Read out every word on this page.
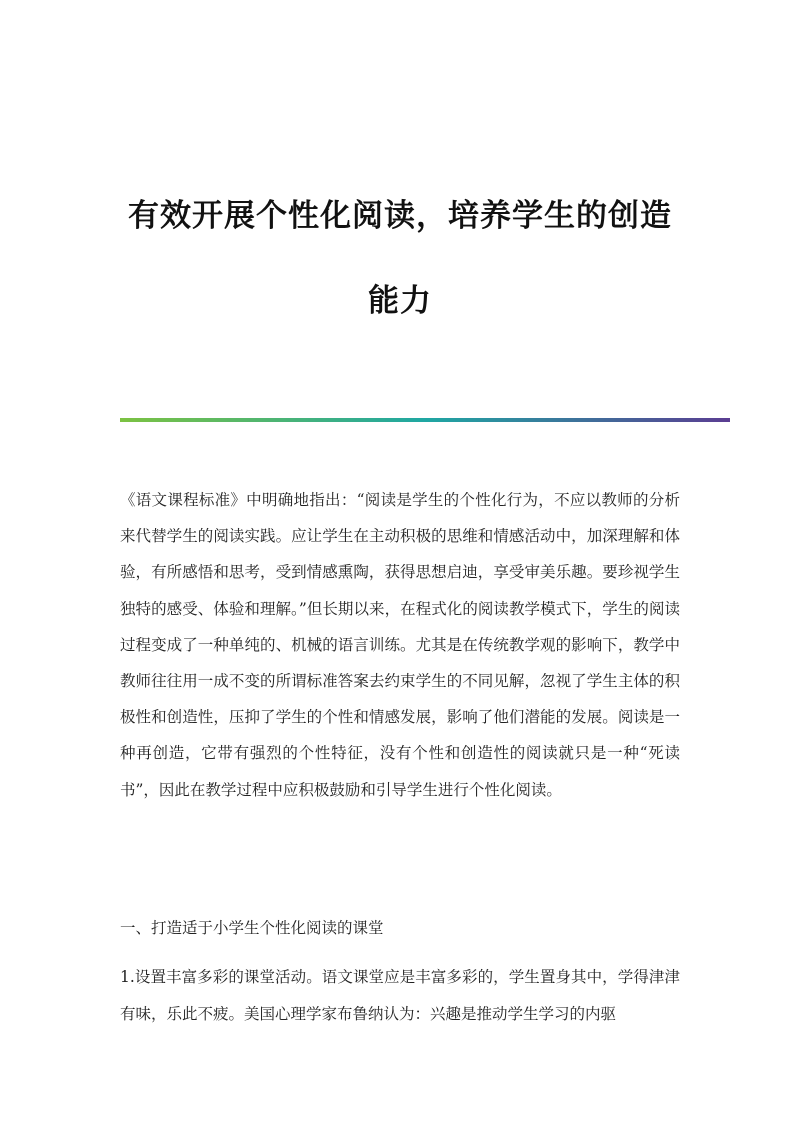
有效开展个性化阅读，培养学生的创造
能力

《语文课程标准》中明确地指出：“阅读是学生的个性化行为，不应以教师的分析来代替学生的阅读实践。应让学生在主动积极的思维和情感活动中，加深理解和体验，有所感悟和思考，受到情感熏陶，获得思想启迪，享受审美乐趣。要珍视学生独特的感受、体验和理解。”但长期以来，在程式化的阅读教学模式下，学生的阅读过程变成了一种单纯的、机械的语言训练。尤其是在传统教学观的影响下，教学中教师往往用一成不变的所谓标准答案去约束学生的不同见解，忽视了学生主体的积极性和创造性，压抑了学生的个性和情感发展，影响了他们潜能的发展。阅读是一种再创造，它带有强烈的个性特征，没有个性和创造性的阅读就只是一种“死读书”，因此在教学过程中应积极鼓励和引导学生进行个性化阅读。

一、打造适于小学生个性化阅读的课堂

1.设置丰富多彩的课堂活动。语文课堂应是丰富多彩的，学生置身其中，学得津津有味，乐此不疲。美国心理学家布鲁纳认为：兴趣是推动学生学习的内驱
